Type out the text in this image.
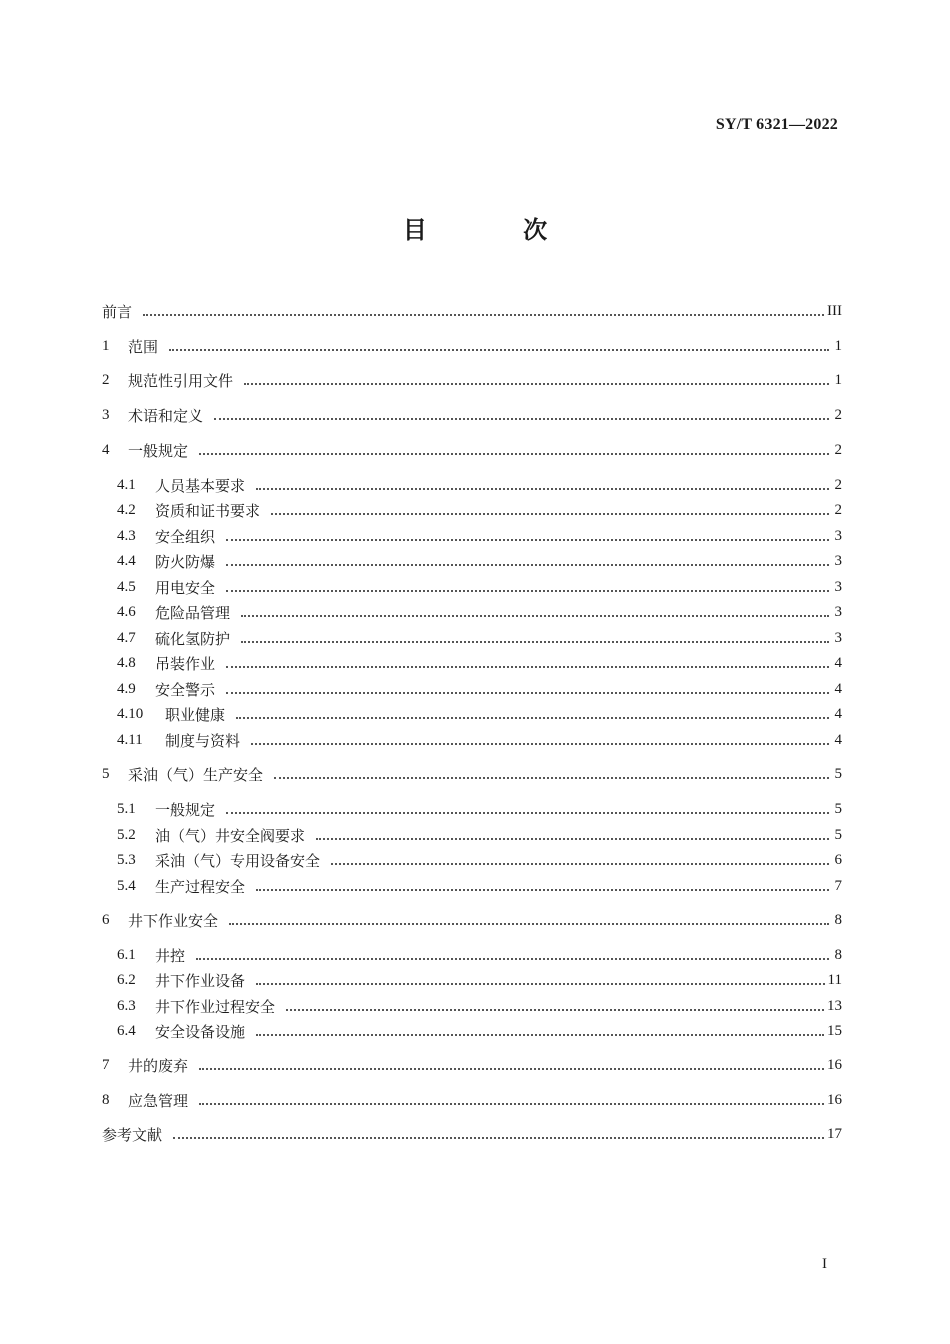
SY/T 6321—2022
目 次
前言	III
1	范围	1
2	规范性引用文件	1
3	术语和定义	2
4	一般规定	2
4.1	人员基本要求	2
4.2	资质和证书要求	2
4.3	安全组织	3
4.4	防火防爆	3
4.5	用电安全	3
4.6	危险品管理	3
4.7	硫化氢防护	3
4.8	吊装作业	4
4.9	安全警示	4
4.10	职业健康	4
4.11	制度与资料	4
5	采油（气）生产安全	5
5.1	一般规定	5
5.2	油（气）井安全阀要求	5
5.3	采油（气）专用设备安全	6
5.4	生产过程安全	7
6	井下作业安全	8
6.1	井控	8
6.2	井下作业设备	11
6.3	井下作业过程安全	13
6.4	安全设备设施	15
7	井的废弃	16
8	应急管理	16
参考文献	17
I
